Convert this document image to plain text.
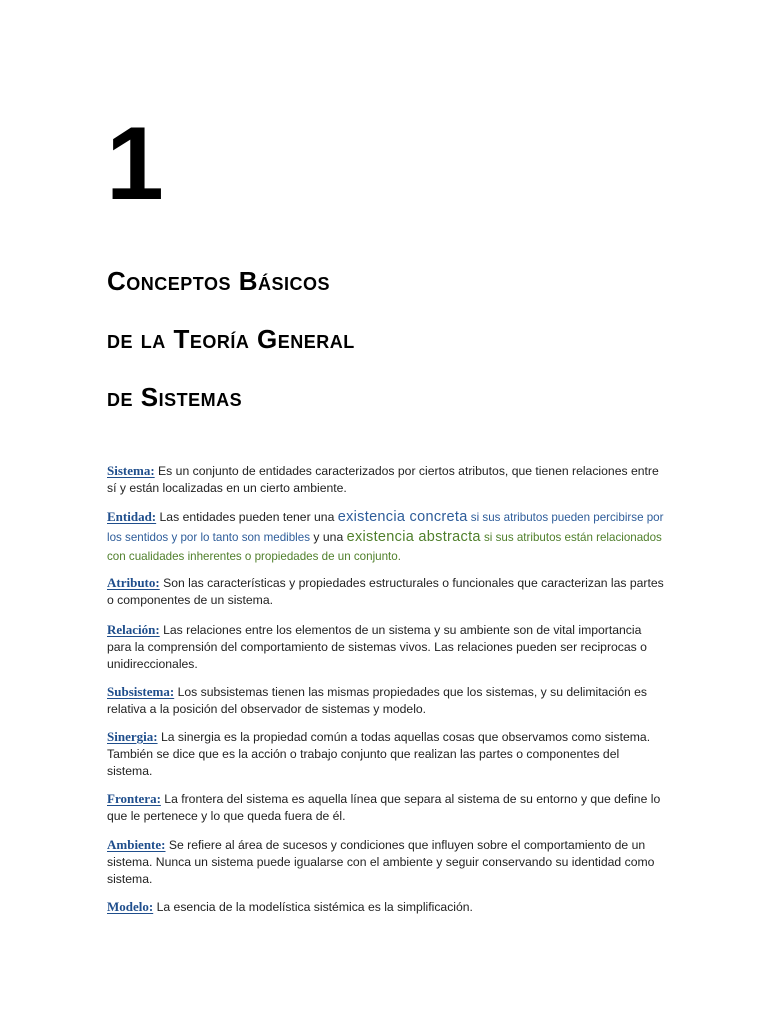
1
Conceptos Básicos
de la Teoría General
de Sistemas
Sistema: Es un conjunto de entidades caracterizados por ciertos atributos, que tienen relaciones entre sí y están localizadas en un cierto ambiente.
Entidad: Las entidades pueden tener una existencia concreta si sus atributos pueden percibirse por los sentidos y por lo tanto son medibles y una existencia abstracta si sus atributos están relacionados con cualidades inherentes o propiedades de un conjunto.
Atributo: Son las características y propiedades estructurales o funcionales que caracterizan las partes o componentes de un sistema.
Relación: Las relaciones entre los elementos de un sistema y su ambiente son de vital importancia para la comprensión del comportamiento de sistemas vivos. Las relaciones pueden ser reciprocas o unidireccionales.
Subsistema: Los subsistemas tienen las mismas propiedades que los sistemas, y su delimitación es relativa a la posición del observador de sistemas y modelo.
Sinergia: La sinergia es la propiedad común a todas aquellas cosas que observamos como sistema. También se dice que es la acción o trabajo conjunto que realizan las partes o componentes del sistema.
Frontera: La frontera del sistema es aquella línea que separa al sistema de su entorno y que define lo que le pertenece y lo que queda fuera de él.
Ambiente: Se refiere al área de sucesos y condiciones que influyen sobre el comportamiento de un sistema. Nunca un sistema puede igualarse con el ambiente y seguir conservando su identidad como sistema.
Modelo: La esencia de la modelística sistémica es la simplificación.
